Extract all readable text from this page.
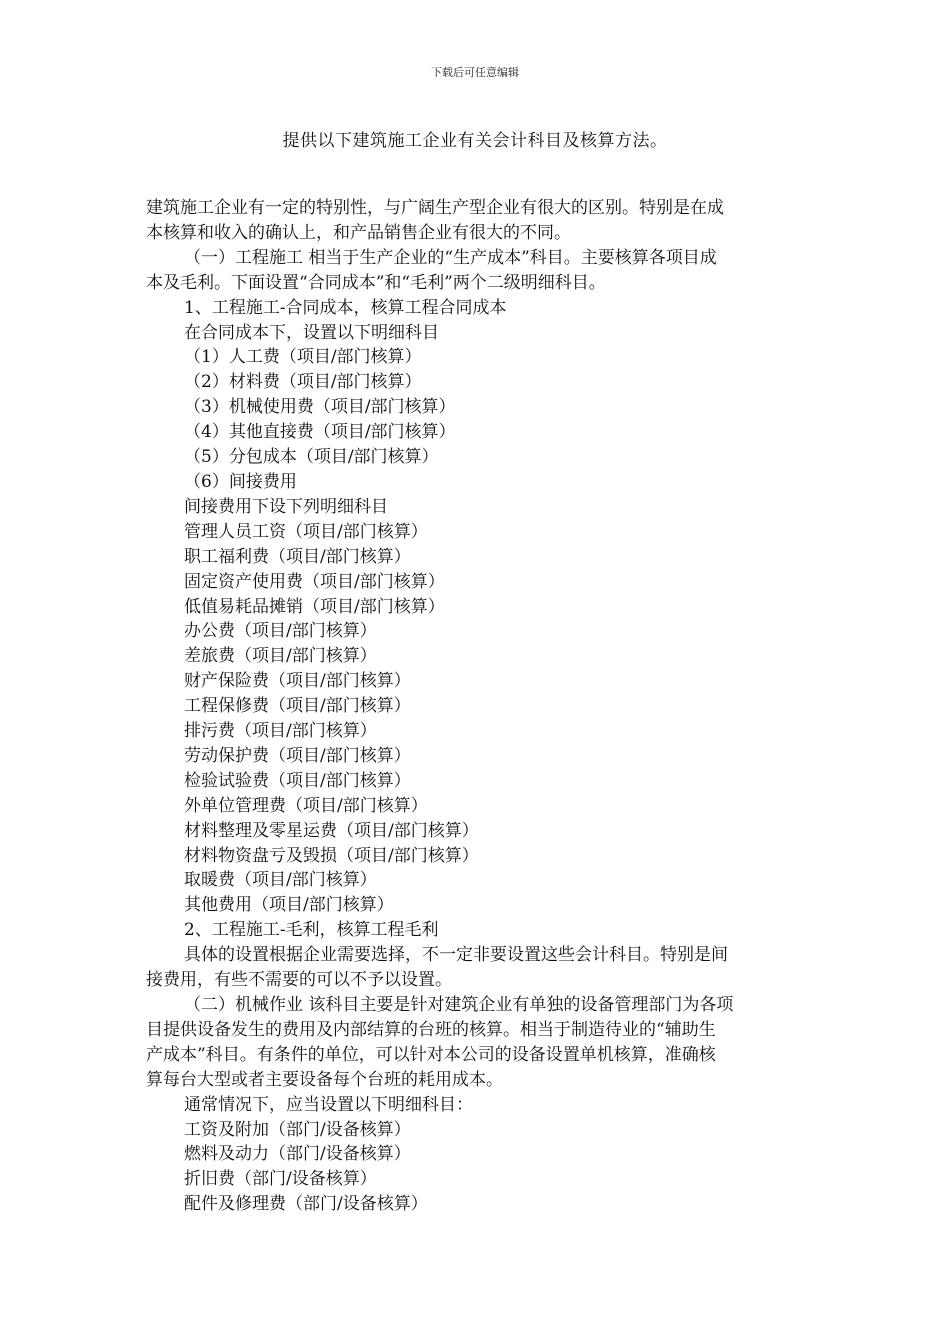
下载后可任意编辑
提供以下建筑施工企业有关会计科目及核算方法。

建筑施工企业有一定的特别性，与广阔生产型企业有很大的区别。特别是在成

本核算和收入的确认上，和产品销售企业有很大的不同。

（一）工程施工 相当于生产企业的“生产成本”科目。主要核算各项目成

本及毛利。下面设置“合同成本”和“毛利”两个二级明细科目。

1、工程施工-合同成本，核算工程合同成本

在合同成本下，设置以下明细科目

（1）人工费（项目/部门核算）

（2）材料费（项目/部门核算）

（3）机械使用费（项目/部门核算）

（4）其他直接费（项目/部门核算）

（5）分包成本（项目/部门核算）

（6）间接费用

间接费用下设下列明细科目

管理人员工资（项目/部门核算）

职工福利费（项目/部门核算）

固定资产使用费（项目/部门核算）

低值易耗品摊销（项目/部门核算）

办公费（项目/部门核算）

差旅费（项目/部门核算）

财产保险费（项目/部门核算）

工程保修费（项目/部门核算）

排污费（项目/部门核算）

劳动保护费（项目/部门核算）

检验试验费（项目/部门核算）

外单位管理费（项目/部门核算）

材料整理及零星运费（项目/部门核算）

材料物资盘亏及毁损（项目/部门核算）

取暖费（项目/部门核算）

其他费用（项目/部门核算）

2、工程施工-毛利，核算工程毛利

具体的设置根据企业需要选择，不一定非要设置这些会计科目。特别是间

接费用，有些不需要的可以不予以设置。

（二）机械作业 该科目主要是针对建筑企业有单独的设备管理部门为各项

目提供设备发生的费用及内部结算的台班的核算。相当于制造待业的“辅助生

产成本”科目。有条件的单位，可以针对本公司的设备设置单机核算，准确核

算每台大型或者主要设备每个台班的耗用成本。

通常情况下，应当设置以下明细科目：

工资及附加（部门/设备核算）

燃料及动力（部门/设备核算）

折旧费（部门/设备核算）

配件及修理费（部门/设备核算）
